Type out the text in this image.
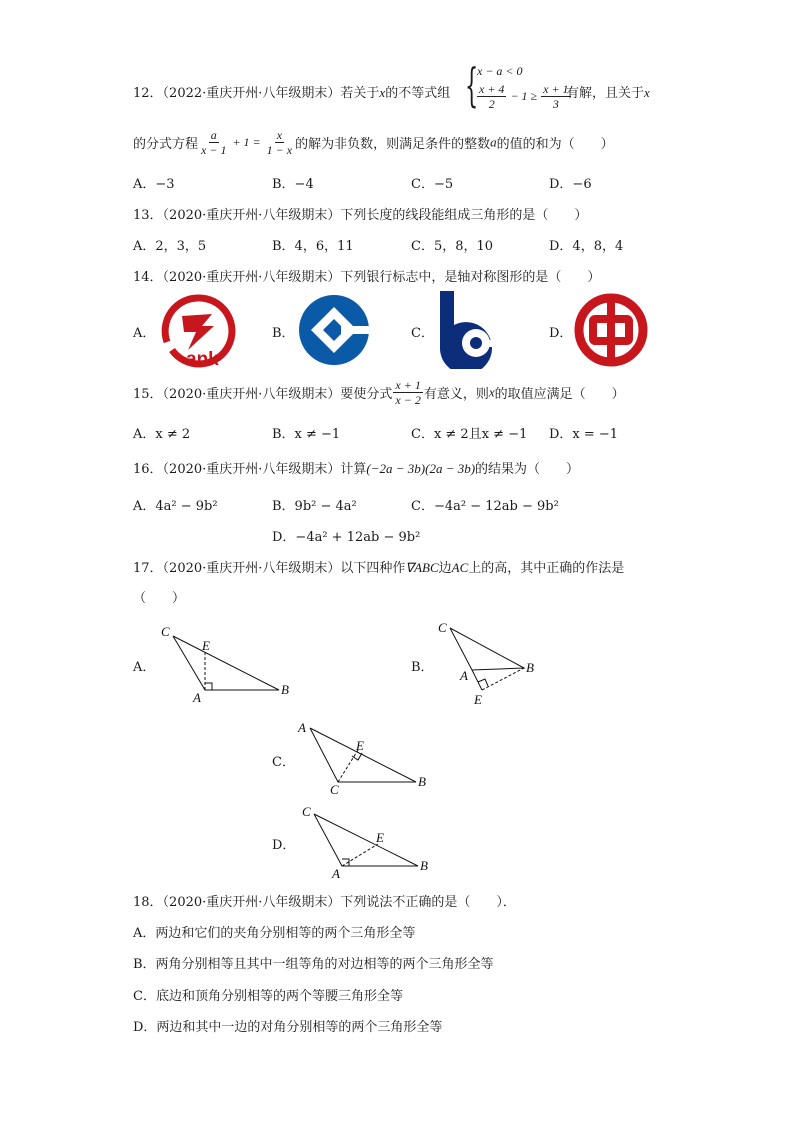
12．（2022·重庆开州·八年级期末）若关于x的不等式组 {
x − a < 0
$\frac{x + 4}{2} - 1 \ge \frac{x + 1}{3}$
有解，且关于x
的分式方程 $\frac{a}{x - 1} + 1 = \frac{x}{1 - x}$ 的解为非负数，则满足条件的整数a的值的和为（　　）
A．−3	B．−4	C．−5	D．−6
13．（2020·重庆开州·八年级期末）下列长度的线段能组成三角形的是（　　）
A．2，3，5	B．4，6，11	C．5，8，10	D．4，8，4
14．（2020·重庆开州·八年级期末）下列银行标志中，是轴对称图形的是（　　）
A．	B．	C．	D．
ank
15．（2020·重庆开州·八年级期末）要使分式 $\frac{x + 1}{x - 2}$ 有意义，则x的取值应满足（　　）
A．x ≠ 2	B．x ≠ −1	C．x ≠ 2且x ≠ −1 D．x = −1
16．（2020·重庆开州·八年级期末）计算(−2a − 3b)(2a − 3b)的结果为（　　）
A．4a² − 9b²	B．9b² − 4a²	C．−4a² − 12ab − 9b²
D．−4a² + 12ab − 9b²
17．（2020·重庆开州·八年级期末）以下四种作∇ABC边AC上的高，其中正确的作法是
（　　）
A．	B．
C．
D．
C
E
A
B
C
A
B
E
A
E
C
B
C
E
A
B
18．（2020·重庆开州·八年级期末）下列说法不正确的是（　　）．
A．两边和它们的夹角分别相等的两个三角形全等
B．两角分别相等且其中一组等角的对边相等的两个三角形全等
C．底边和顶角分别相等的两个等腰三角形全等
D．两边和其中一边的对角分别相等的两个三角形全等
